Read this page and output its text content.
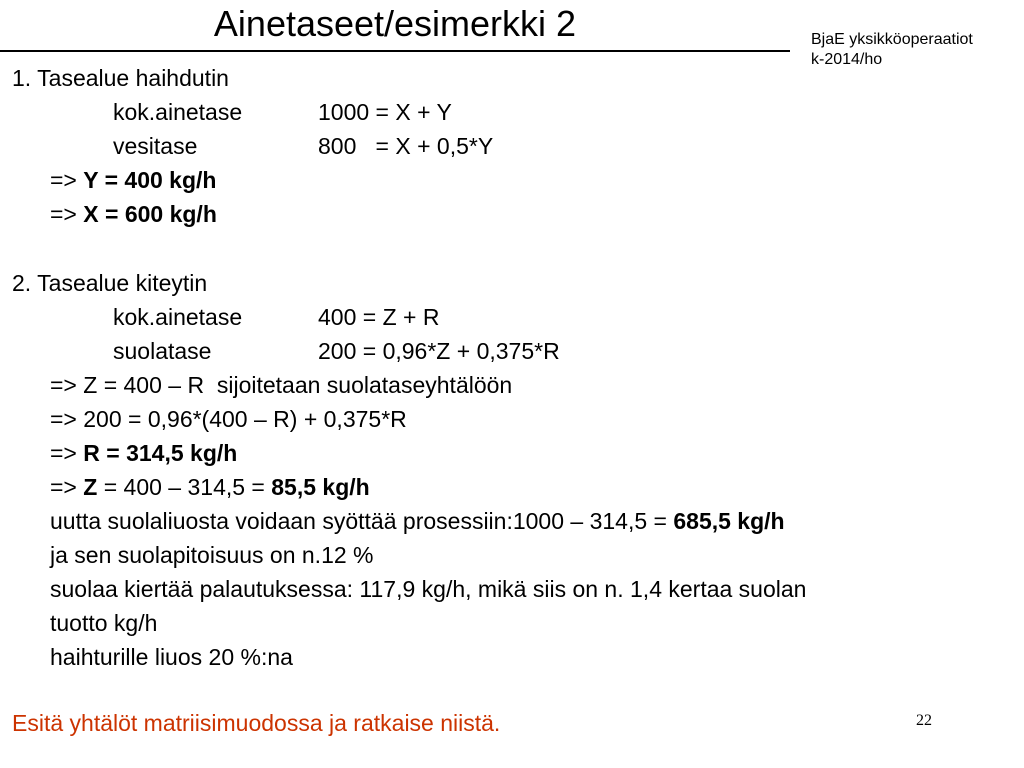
Ainetaseet/esimerkki 2	BjaE yksikköoperaatiot
k-2014/ho
1. Tasealue haihdutin
kok.ainetase	1000 = X + Y
vesitase	800   = X + 0,5*Y
=> Y = 400 kg/h
=> X = 600 kg/h
2. Tasealue kiteytin
kok.ainetase	400 = Z + R
suolatase	200 = 0,96*Z + 0,375*R
=> Z = 400 – R  sijoitetaan suolataseyhtälöön
=> 200 = 0,96*(400 – R) + 0,375*R
=> R = 314,5 kg/h
=> Z = 400 – 314,5 = 85,5 kg/h
uutta suolaliuosta voidaan syöttää prosessiin:1000 – 314,5 = 685,5 kg/h
ja sen suolapitoisuus on n.12 %
suolaa kiertää palautuksessa: 117,9 kg/h, mikä siis on n. 1,4 kertaa suolan
tuotto kg/h
haihturille liuos 20 %:na
Esitä yhtälöt matriisimuodossa ja ratkaise niistä.	22
